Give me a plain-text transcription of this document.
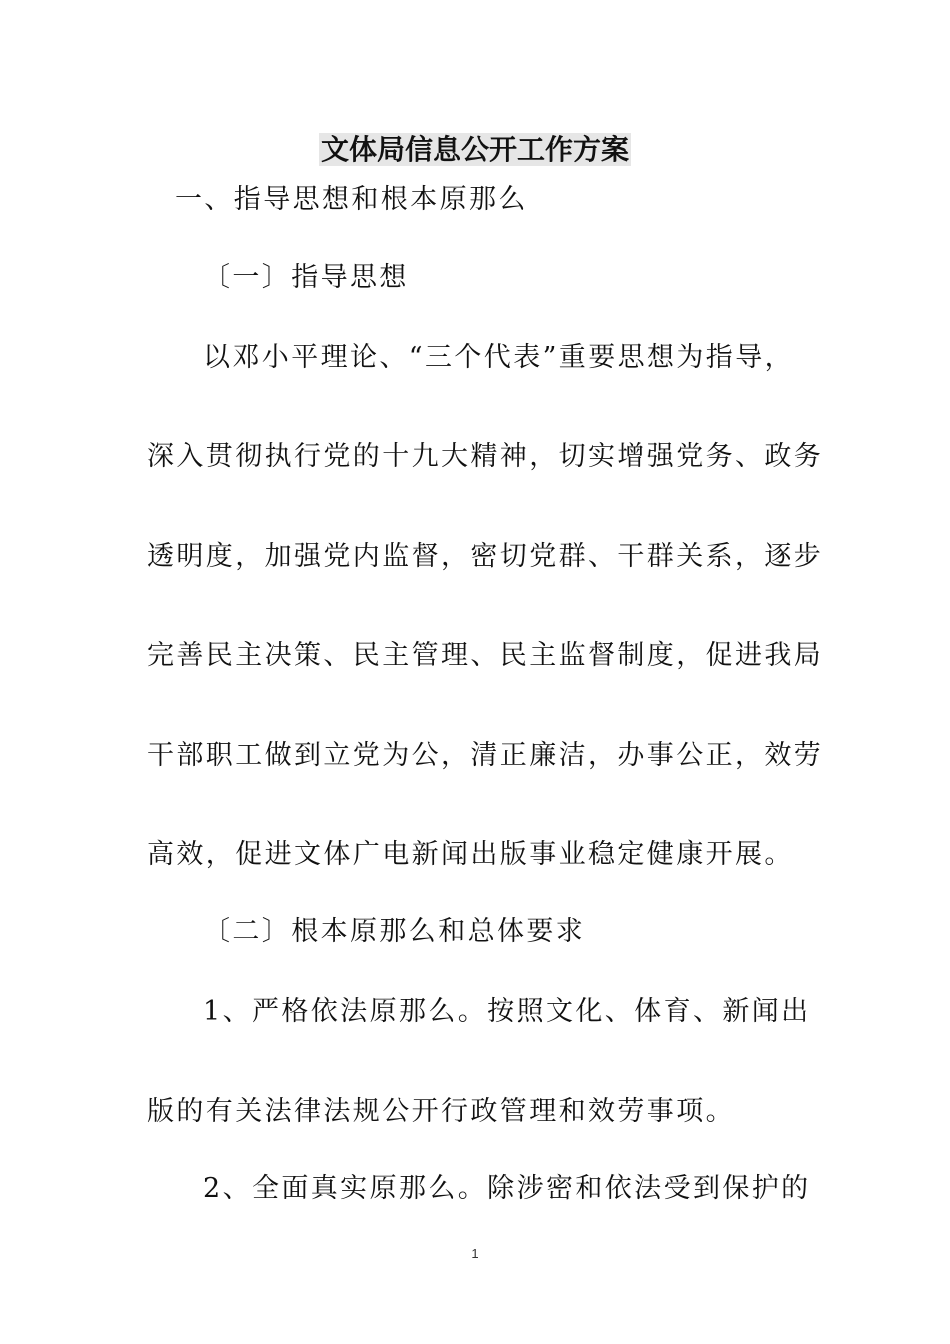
文体局信息公开工作方案
一、指导思想和根本原那么
〔一〕指导思想
以邓小平理论、“三个代表”重要思想为指导，
深入贯彻执行党的十九大精神，切实增强党务、政务
透明度，加强党内监督，密切党群、干群关系，逐步
完善民主决策、民主管理、民主监督制度，促进我局
干部职工做到立党为公，清正廉洁，办事公正，效劳
高效，促进文体广电新闻出版事业稳定健康开展。
〔二〕根本原那么和总体要求
1、严格依法原那么。按照文化、体育、新闻出
版的有关法律法规公开行政管理和效劳事项。
2、全面真实原那么。除涉密和依法受到保护的
1
